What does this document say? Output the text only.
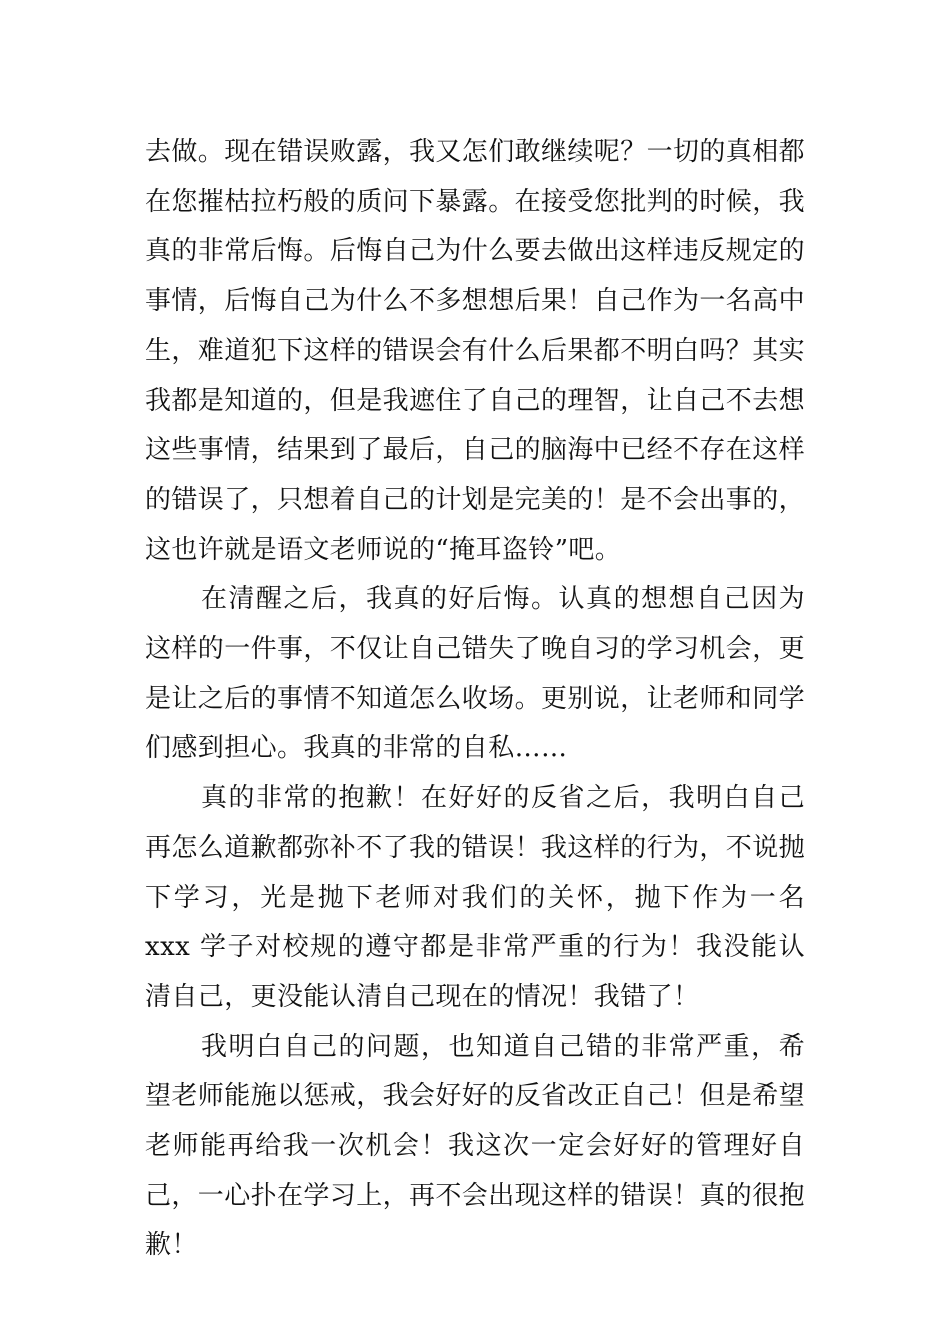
去做。现在错误败露，我又怎们敢继续呢？一切的真相都在您摧枯拉朽般的质问下暴露。在接受您批判的时候，我真的非常后悔。后悔自己为什么要去做出这样违反规定的事情，后悔自己为什么不多想想后果！自己作为一名高中生，难道犯下这样的错误会有什么后果都不明白吗？其实我都是知道的，但是我遮住了自己的理智，让自己不去想这些事情，结果到了最后，自己的脑海中已经不存在这样的错误了，只想着自己的计划是完美的！是不会出事的，这也许就是语文老师说的“掩耳盗铃”吧。

在清醒之后，我真的好后悔。认真的想想自己因为这样的一件事，不仅让自己错失了晚自习的学习机会，更是让之后的事情不知道怎么收场。更别说，让老师和同学们感到担心。我真的非常的自私……

真的非常的抱歉！在好好的反省之后，我明白自己再怎么道歉都弥补不了我的错误！我这样的行为，不说抛下学习，光是抛下老师对我们的关怀，抛下作为一名 xxx 学子对校规的遵守都是非常严重的行为！我没能认清自己，更没能认清自己现在的情况！我错了！

我明白自己的问题，也知道自己错的非常严重，希望老师能施以惩戒，我会好好的反省改正自己！但是希望老师能再给我一次机会！我这次一定会好好的管理好自己，一心扑在学习上，再不会出现这样的错误！真的很抱歉！
